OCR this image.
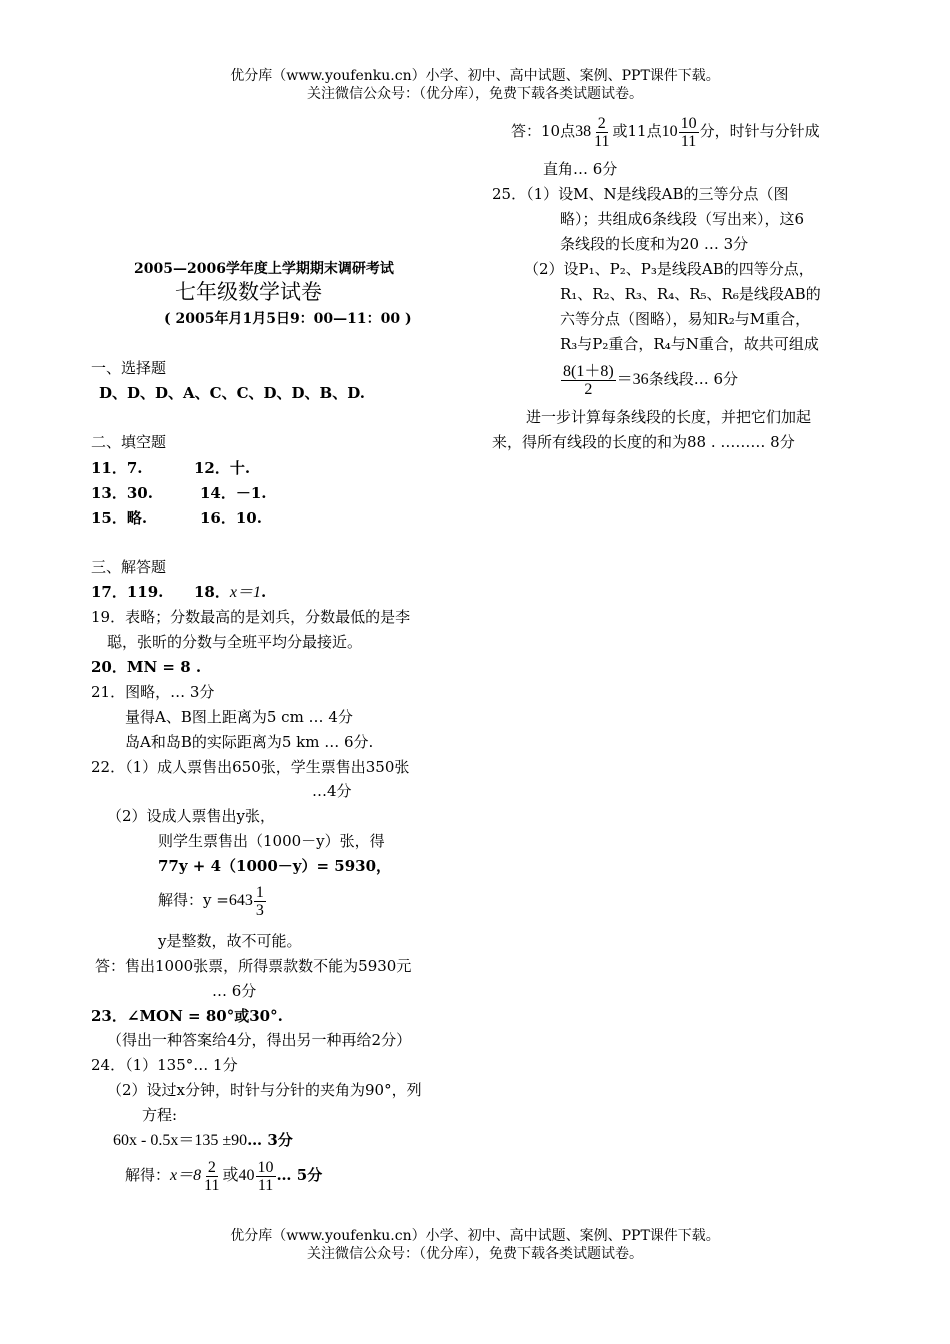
优分库（www.youfenku.cn）小学、初中、高中试题、案例、PPT课件下载。
关注微信公众号：（优分库），免费下载各类试题试卷。
2005—2006学年度上学期期末调研考试
七年级数学试卷
( 2005年月1月5日9：00—11：00 )
一、选择题
D、D、D、A、C、C、D、D、B、D.
二、填空题
11．7.	12．十.
13．30.	14．－1.
15．略.	16．10.
三、解答题
17．119. 18．x＝1.
19．表略；分数最高的是刘兵，分数最低的是李
聪，张昕的分数与全班平均分最接近。
20．MN = 8 .
21．图略，… 3分
量得A、B图上距离为5 cm … 4分
岛A和岛B的实际距离为5 km … 6分.
22．（1）成人票售出650张，学生票售出350张
…4分
（2）设成人票售出y张，
则学生票售出（1000－y）张，得
77y + 4（1000－y）= 5930，
解得：$y =643 \frac{1}{3}$
y是整数，故不可能。
答：售出1000张票，所得票款数不能为5930元
… 6分
23．∠MON = 80°或30°.
（得出一种答案给4分，得出另一种再给2分）
24．（1）135°… 1分
（2）设过x分钟，时针与分针的夹角为90°，列
方程:
60x - 0.5x＝135 ±90… 3分
解得：$x=8 \frac{2}{11}$ 或$40 \frac{10}{11}$ … 5分
答：10点$38 \frac{2}{11}$ 或11点$10 \frac{10}{11}$ 分，时针与分针成
直角… 6分
25．（1）设M、N是线段AB的三等分点（图
略）；共组成6条线段（写出来），这6
条线段的长度和为20 … 3分
（2）设P₁、P₂、P₃是线段AB的四等分点，
R₁、R₂、R₃、R₄、R₅、R₆是线段AB的
六等分点（图略），易知R₂与M重合，
R₃与P₂重合，R₄与N重合，故共可组成
$\frac{8(1+8)}{2} =36$条线段… 6分
进一步计算每条线段的长度，并把它们加起
来，得所有线段的长度的和为88 . ……… 8分
优分库（www.youfenku.cn）小学、初中、高中试题、案例、PPT课件下载。
关注微信公众号：（优分库），免费下载各类试题试卷。
